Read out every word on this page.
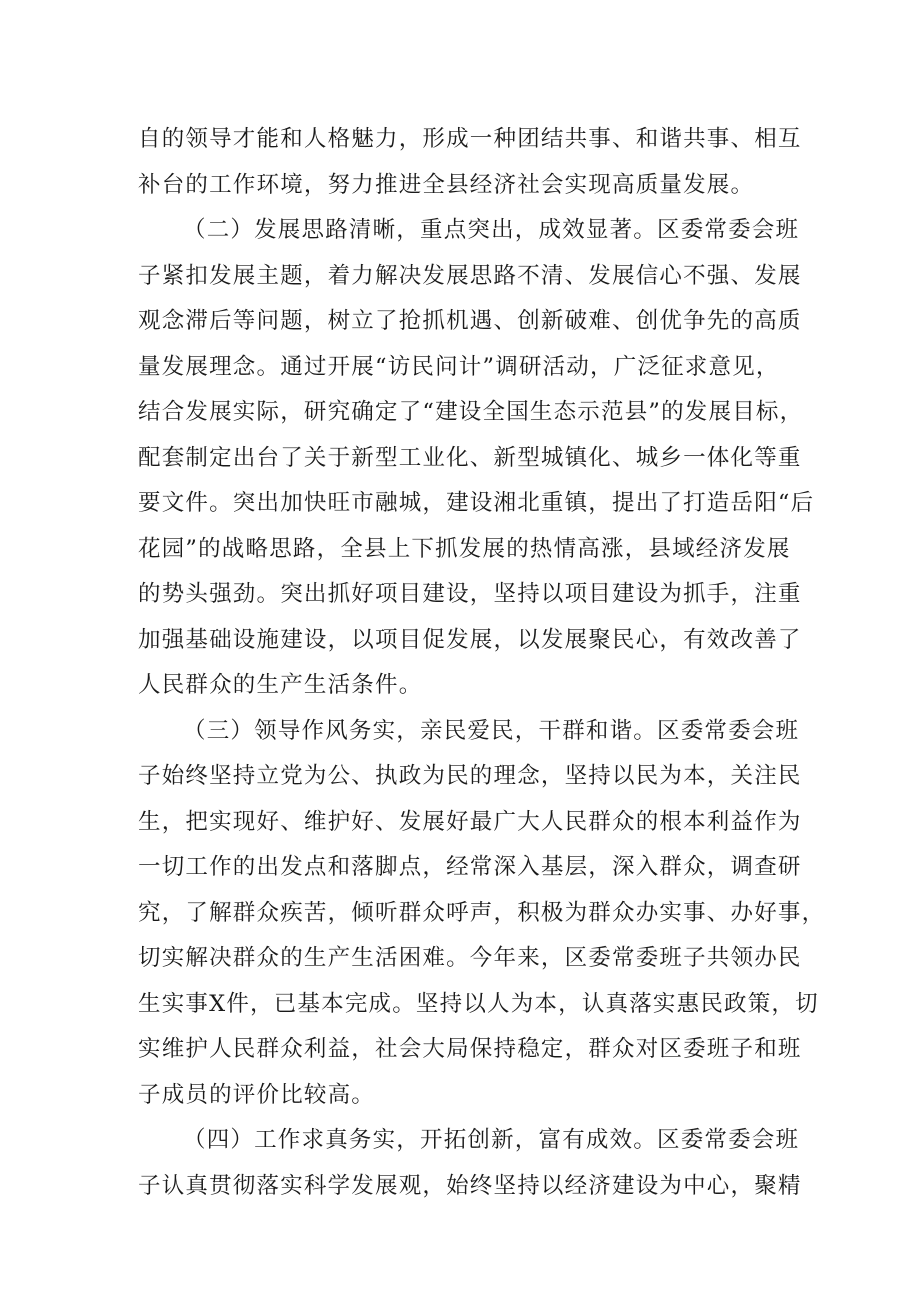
自的领导才能和人格魅力，形成一种团结共事、和谐共事、相互
补台的工作环境，努力推进全县经济社会实现高质量发展。
（二）发展思路清晰，重点突出，成效显著。区委常委会班
子紧扣发展主题，着力解决发展思路不清、发展信心不强、发展
观念滞后等问题，树立了抢抓机遇、创新破难、创优争先的高质
量发展理念。通过开展“访民问计”调研活动，广泛征求意见，
结合发展实际，研究确定了“建设全国生态示范县”的发展目标，
配套制定出台了关于新型工业化、新型城镇化、城乡一体化等重
要文件。突出加快旺市融城，建设湘北重镇，提出了打造岳阳“后
花园”的战略思路，全县上下抓发展的热情高涨，县域经济发展
的势头强劲。突出抓好项目建设，坚持以项目建设为抓手，注重
加强基础设施建设，以项目促发展，以发展聚民心，有效改善了
人民群众的生产生活条件。
（三）领导作风务实，亲民爱民，干群和谐。区委常委会班
子始终坚持立党为公、执政为民的理念，坚持以民为本，关注民
生，把实现好、维护好、发展好最广大人民群众的根本利益作为
一切工作的出发点和落脚点，经常深入基层，深入群众，调查研
究，了解群众疾苦，倾听群众呼声，积极为群众办实事、办好事，
切实解决群众的生产生活困难。今年来，区委常委班子共领办民
生实事X件，已基本完成。坚持以人为本，认真落实惠民政策，切
实维护人民群众利益，社会大局保持稳定，群众对区委班子和班
子成员的评价比较高。
（四）工作求真务实，开拓创新，富有成效。区委常委会班
子认真贯彻落实科学发展观，始终坚持以经济建设为中心，聚精
